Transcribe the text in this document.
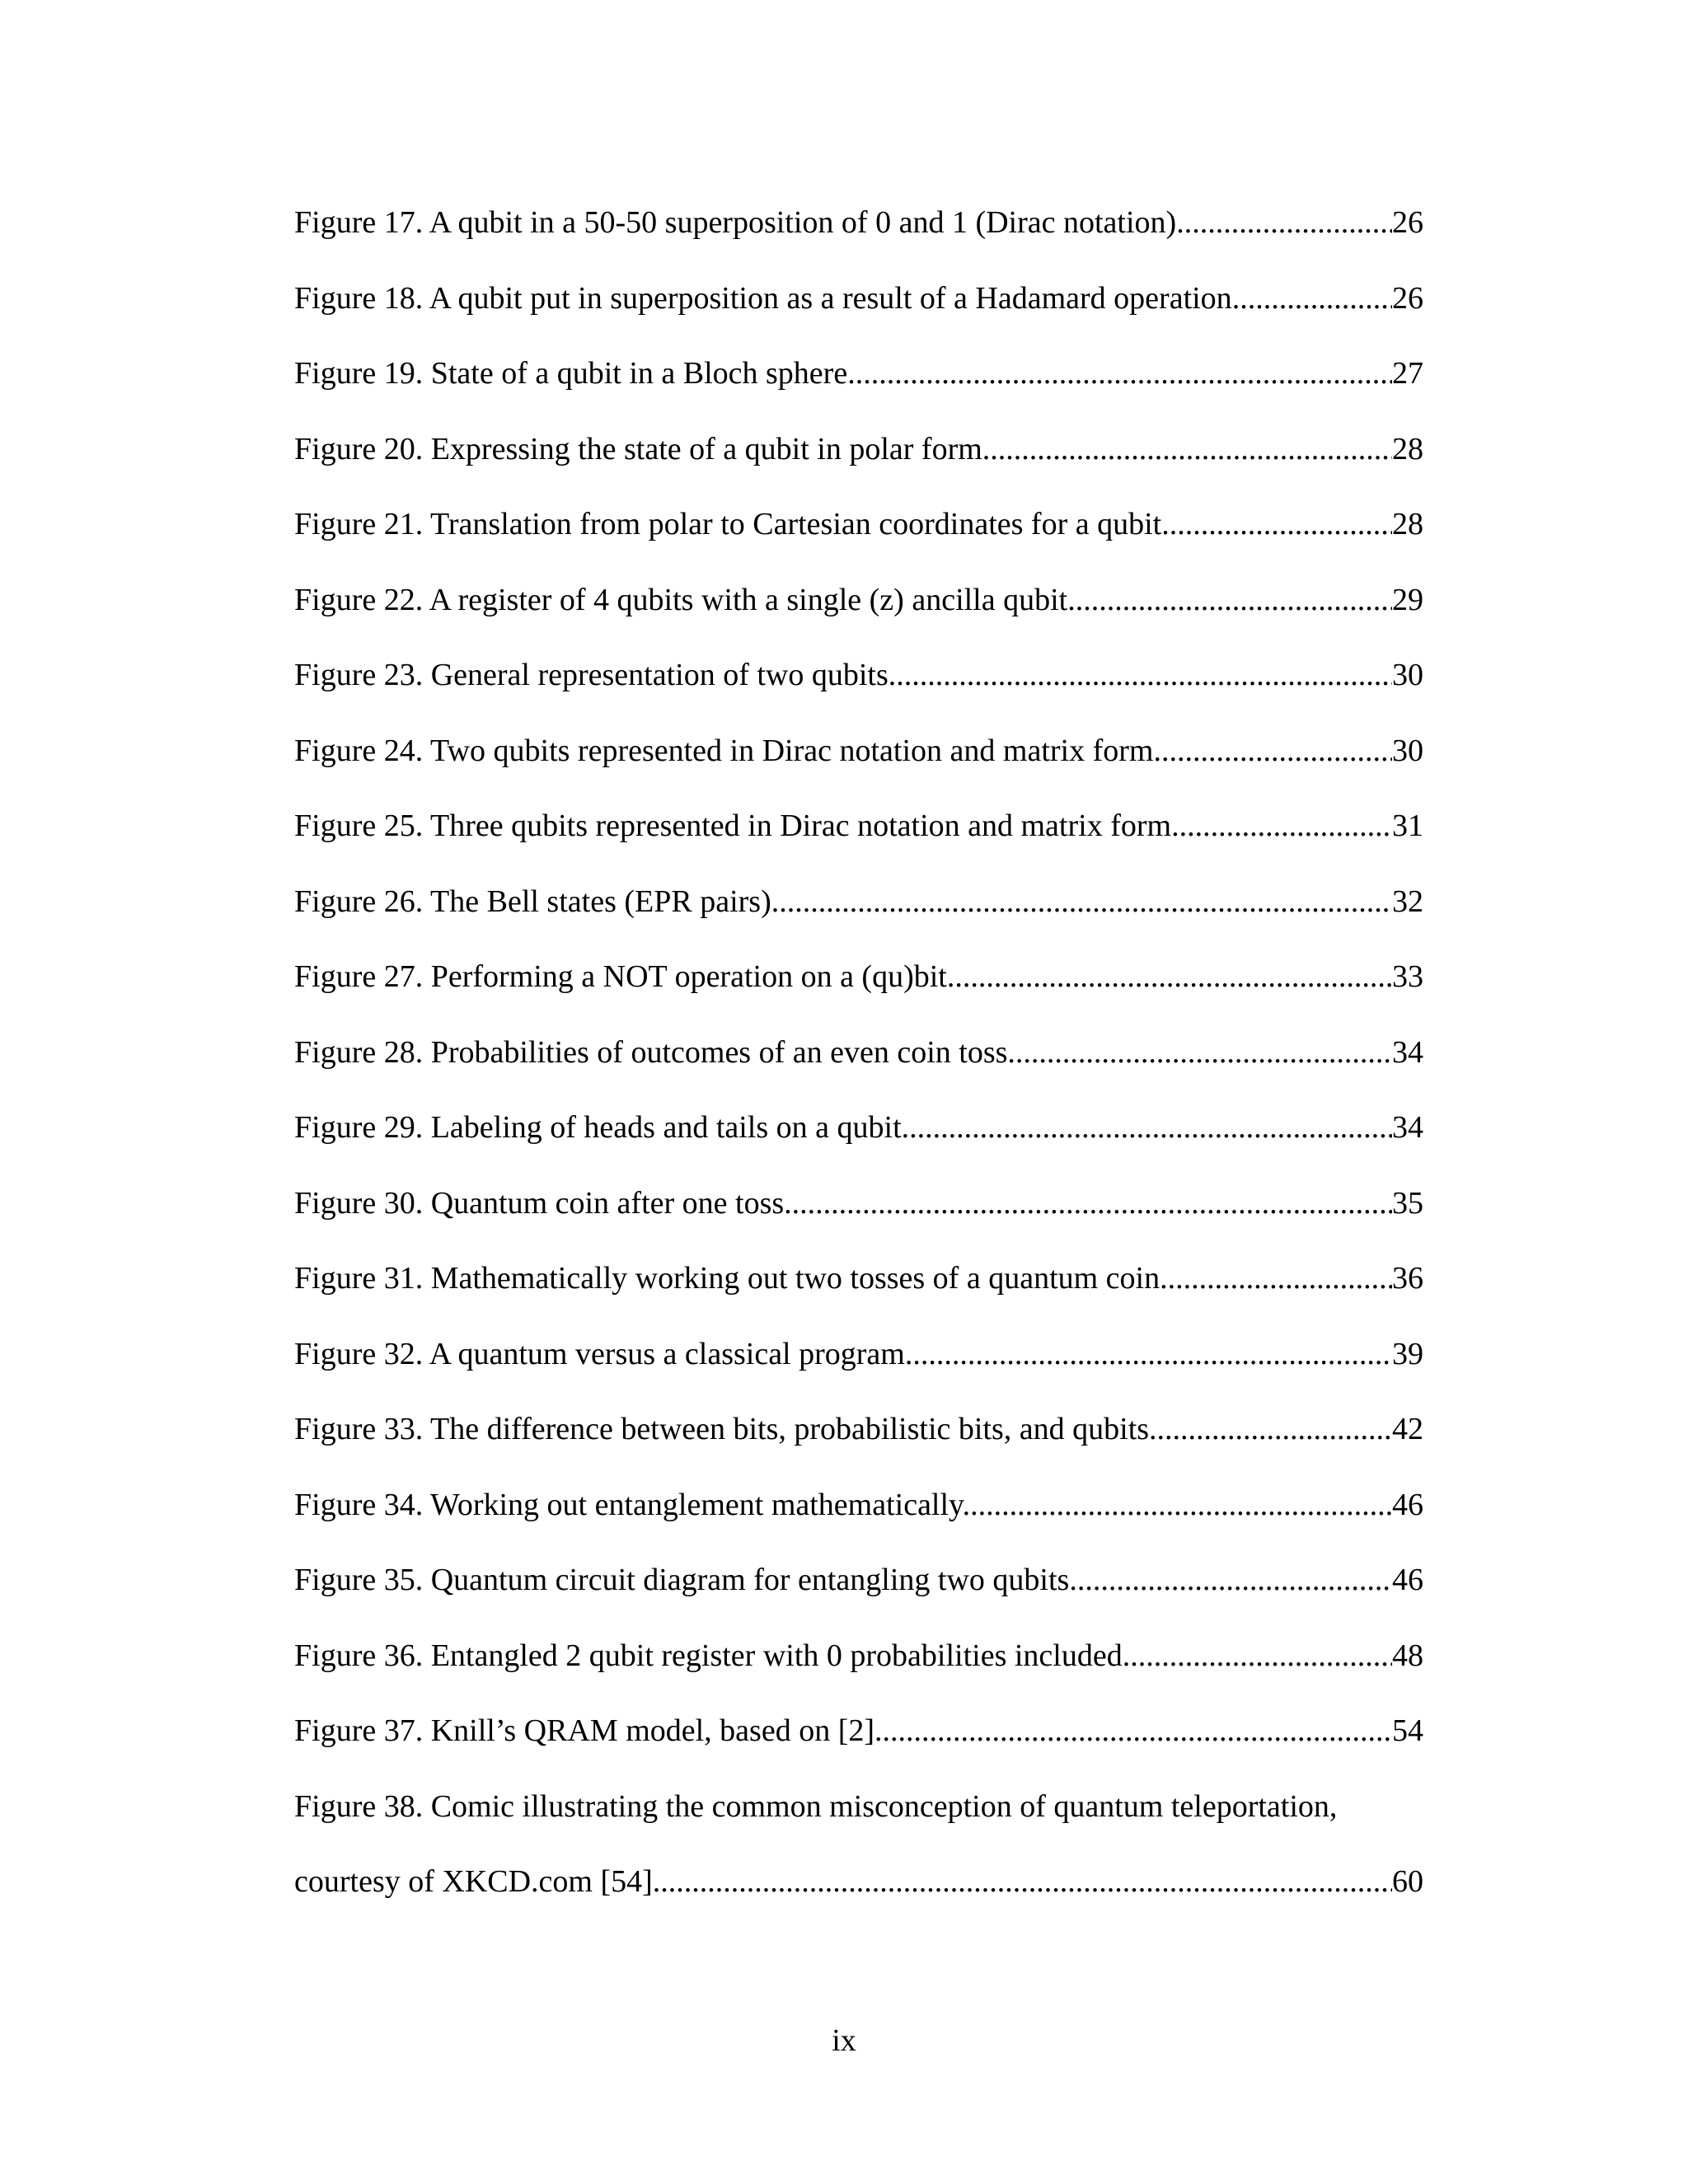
Figure 17. A qubit in a 50-50 superposition of 0 and 1 (Dirac notation) .....	26
Figure 18. A qubit put in superposition as a result of a Hadamard operation .....	26
Figure 19. State of a qubit in a Bloch sphere .....	27
Figure 20. Expressing the state of a qubit in polar form .....	28
Figure 21. Translation from polar to Cartesian coordinates for a qubit .....	28
Figure 22. A register of 4 qubits with a single (z) ancilla qubit .....	29
Figure 23. General representation of two qubits. .....	30
Figure 24. Two qubits represented in Dirac notation and matrix form .....	30
Figure 25. Three qubits represented in Dirac notation and matrix form .....	31
Figure 26. The Bell states (EPR pairs) .....	32
Figure 27. Performing a NOT operation on a (qu)bit .....	33
Figure 28. Probabilities of outcomes of an even coin toss .....	34
Figure 29. Labeling of heads and tails on a qubit. .....	34
Figure 30. Quantum coin after one toss .....	35
Figure 31. Mathematically working out two tosses of a quantum coin .....	36
Figure 32. A quantum versus a classical program. .....	39
Figure 33. The difference between bits, probabilistic bits, and qubits .....	42
Figure 34. Working out entanglement mathematically. .....	46
Figure 35. Quantum circuit diagram for entangling two qubits .....	46
Figure 36. Entangled 2 qubit register with 0 probabilities included .....	48
Figure 37. Knill’s QRAM model, based on [2] .....	54
Figure 38. Comic illustrating the common misconception of quantum teleportation,
courtesy of XKCD.com [54] .....	60
ix
